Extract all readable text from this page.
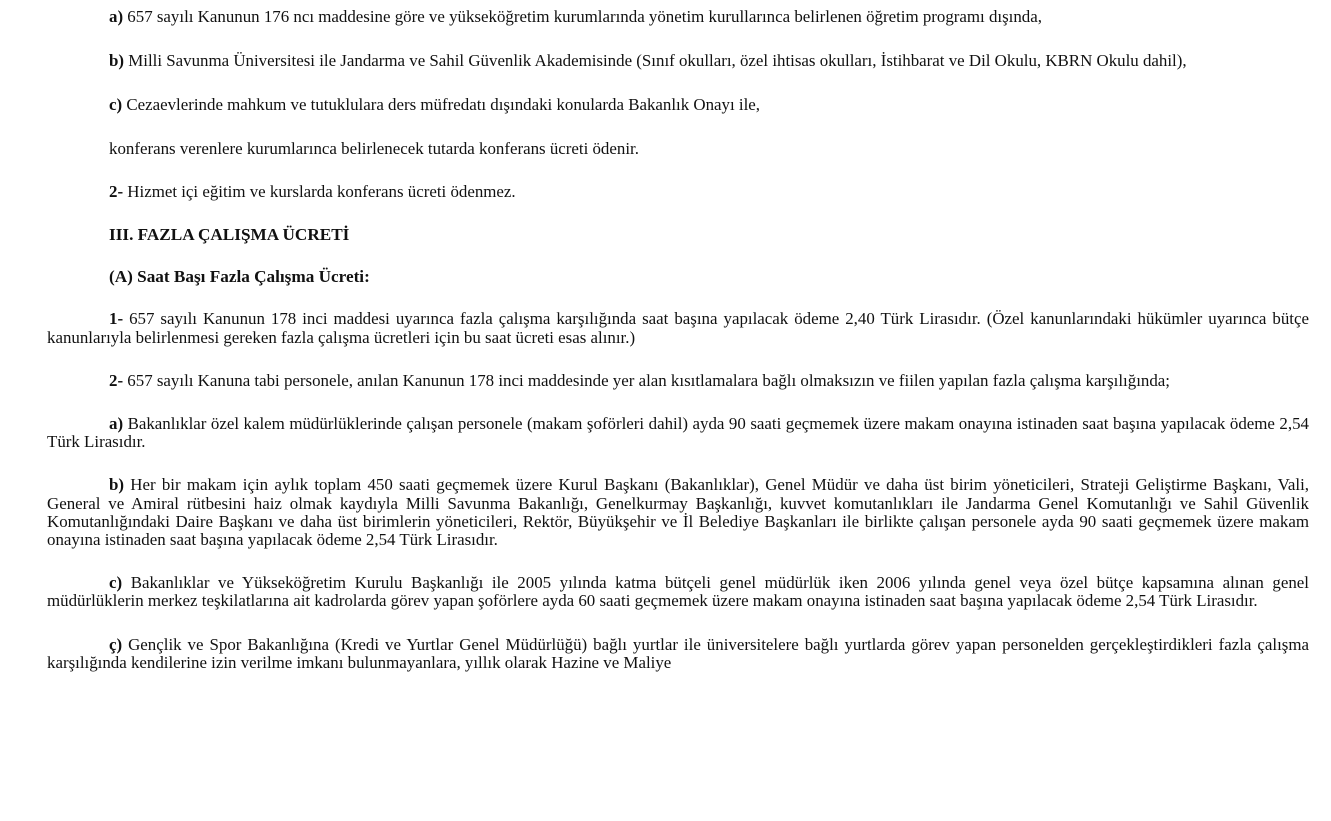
a) 657 sayılı Kanunun 176 ncı maddesine göre ve yükseköğretim kurumlarında yönetim kurullarınca belirlenen öğretim programı dışında,

b) Milli Savunma Üniversitesi ile Jandarma ve Sahil Güvenlik Akademisinde (Sınıf okulları, özel ihtisas okulları, İstihbarat ve Dil Okulu, KBRN Okulu dahil),

c) Cezaevlerinde mahkum ve tutuklulara ders müfredatı dışındaki konularda Bakanlık Onayı ile,

konferans verenlere kurumlarınca belirlenecek tutarda konferans ücreti ödenir.

2- Hizmet içi eğitim ve kurslarda konferans ücreti ödenmez.

III. FAZLA ÇALIŞMA ÜCRETİ

(A) Saat Başı Fazla Çalışma Ücreti:

1- 657 sayılı Kanunun 178 inci maddesi uyarınca fazla çalışma karşılığında saat başına yapılacak ödeme 2,40 Türk Lirasıdır. (Özel kanunlarındaki hükümler uyarınca bütçe kanunlarıyla belirlenmesi gereken fazla çalışma ücretleri için bu saat ücreti esas alınır.)

2- 657 sayılı Kanuna tabi personele, anılan Kanunun 178 inci maddesinde yer alan kısıtlamalara bağlı olmaksızın ve fiilen yapılan fazla çalışma karşılığında;

a) Bakanlıklar özel kalem müdürlüklerinde çalışan personele (makam şoförleri dahil) ayda 90 saati geçmemek üzere makam onayına istinaden saat başına yapılacak ödeme 2,54 Türk Lirasıdır.

b) Her bir makam için aylık toplam 450 saati geçmemek üzere Kurul Başkanı (Bakanlıklar), Genel Müdür ve daha üst birim yöneticileri, Strateji Geliştirme Başkanı, Vali, General ve Amiral rütbesini haiz olmak kaydıyla Milli Savunma Bakanlığı, Genelkurmay Başkanlığı, kuvvet komutanlıkları ile Jandarma Genel Komutanlığı ve Sahil Güvenlik Komutanlığındaki Daire Başkanı ve daha üst birimlerin yöneticileri, Rektör, Büyükşehir ve İl Belediye Başkanları ile birlikte çalışan personele ayda 90 saati geçmemek üzere makam onayına istinaden saat başına yapılacak ödeme 2,54 Türk Lirasıdır.

c) Bakanlıklar ve Yükseköğretim Kurulu Başkanlığı ile 2005 yılında katma bütçeli genel müdürlük iken 2006 yılında genel veya özel bütçe kapsamına alınan genel müdürlüklerin merkez teşkilatlarına ait kadrolarda görev yapan şoförlere ayda 60 saati geçmemek üzere makam onayına istinaden saat başına yapılacak ödeme 2,54 Türk Lirasıdır.

ç) Gençlik ve Spor Bakanlığına (Kredi ve Yurtlar Genel Müdürlüğü) bağlı yurtlar ile üniversitelere bağlı yurtlarda görev yapan personelden gerçekleştirdikleri fazla çalışma karşılığında kendilerine izin verilme imkanı bulunmayanlara, yıllık olarak Hazine ve Maliye
